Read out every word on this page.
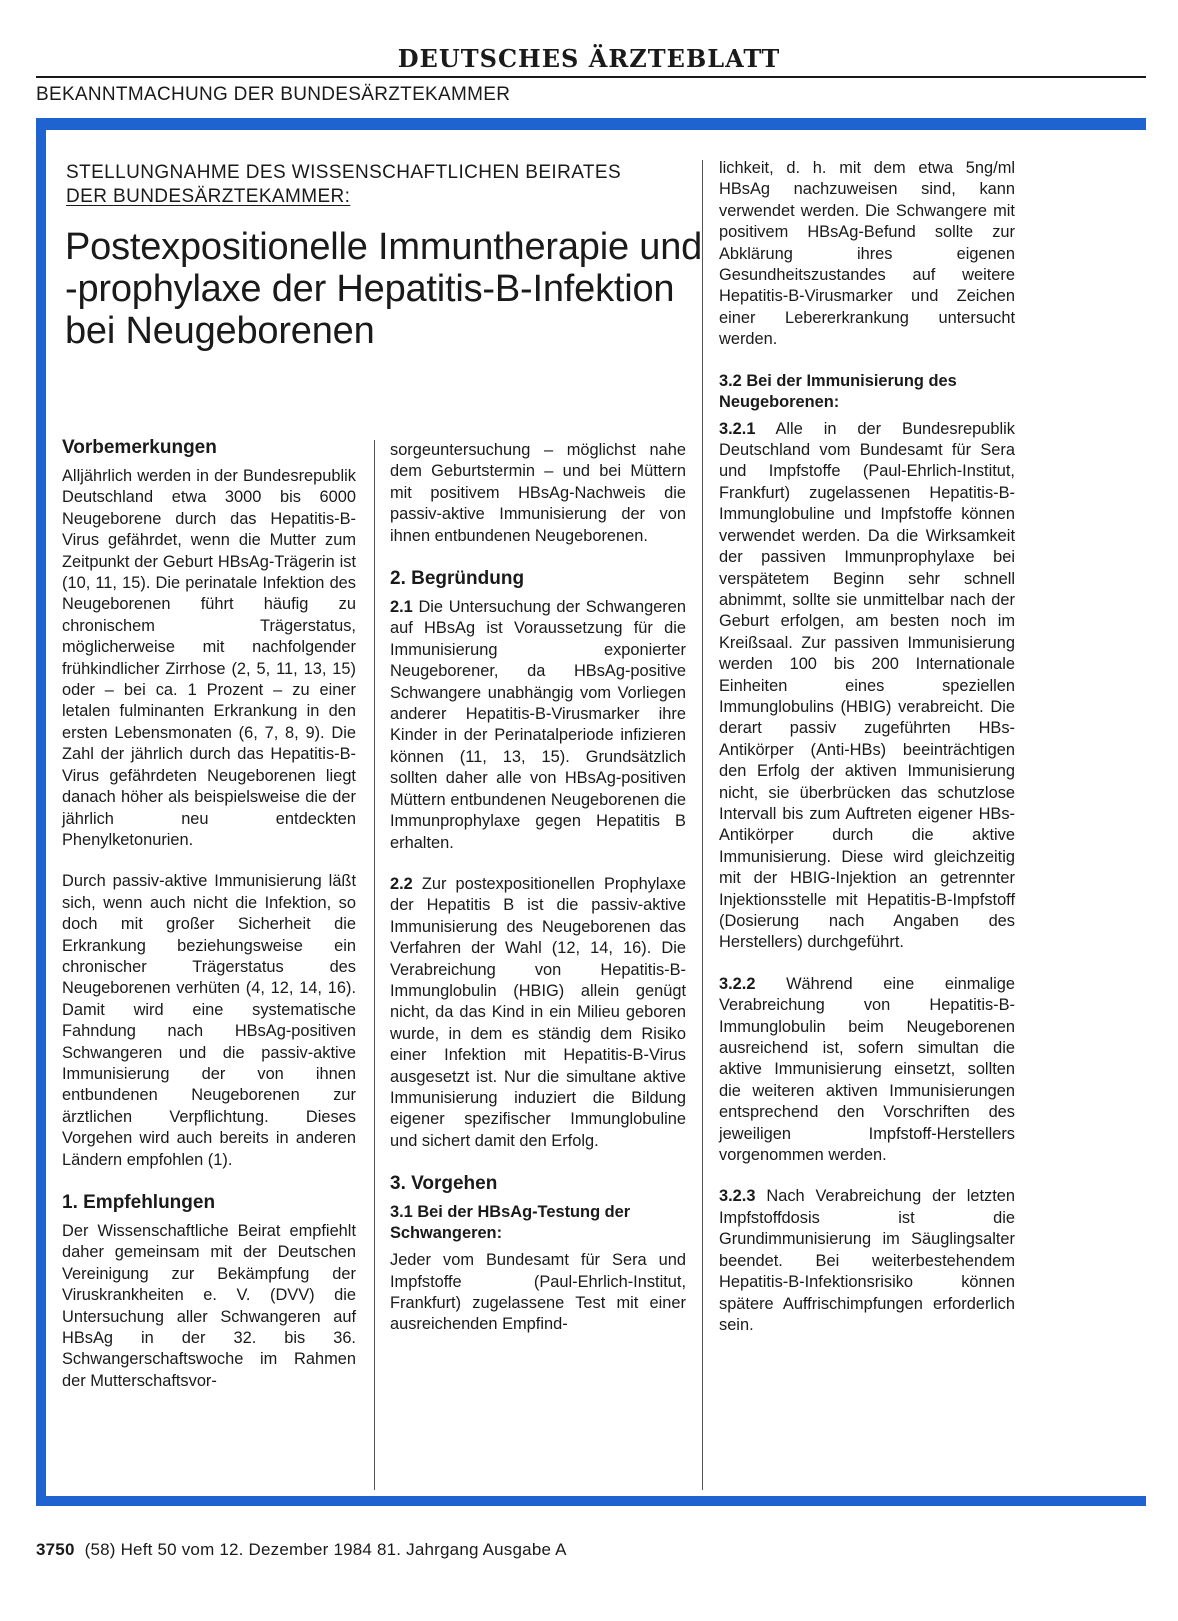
DEUTSCHES ÄRZTEBLATT
BEKANNTMACHUNG DER BUNDESÄRZTEKAMMER
STELLUNGNAHME DES WISSENSCHAFTLICHEN BEIRATES
DER BUNDESÄRZTEKAMMER:
Postexpositionelle Immuntherapie und -prophylaxe der Hepatitis-B-Infektion bei Neugeborenen
Vorbemerkungen

Alljährlich werden in der Bundesrepublik Deutschland etwa 3000 bis 6000 Neugeborene durch das Hepatitis-B-Virus gefährdet, wenn die Mutter zum Zeitpunkt der Geburt HBsAg-Trägerin ist (10, 11, 15). Die perinatale Infektion des Neugeborenen führt häufig zu chronischem Trägerstatus, möglicherweise mit nachfolgender frühkindlicher Zirrhose (2, 5, 11, 13, 15) oder – bei ca. 1 Prozent – zu einer letalen fulminanten Erkrankung in den ersten Lebensmonaten (6, 7, 8, 9). Die Zahl der jährlich durch das Hepatitis-B-Virus gefährdeten Neugeborenen liegt danach höher als beispielsweise die der jährlich neu entdeckten Phenylketonurien.

Durch passiv-aktive Immunisierung läßt sich, wenn auch nicht die Infektion, so doch mit großer Sicherheit die Erkrankung beziehungsweise ein chronischer Trägerstatus des Neugeborenen verhüten (4, 12, 14, 16). Damit wird eine systematische Fahndung nach HBsAg-positiven Schwangeren und die passiv-aktive Immunisierung der von ihnen entbundenen Neugeborenen zur ärztlichen Verpflichtung. Dieses Vorgehen wird auch bereits in anderen Ländern empfohlen (1).

1. Empfehlungen

Der Wissenschaftliche Beirat empfiehlt daher gemeinsam mit der Deutschen Vereinigung zur Bekämpfung der Viruskrankheiten e. V. (DVV) die Untersuchung aller Schwangeren auf HBsAg in der 32. bis 36. Schwangerschaftswoche im Rahmen der Mutterschaftsvor-

sorgeuntersuchung – möglichst nahe dem Geburtstermin – und bei Müttern mit positivem HBsAg-Nachweis die passiv-aktive Immunisierung der von ihnen entbundenen Neugeborenen.

2. Begründung

2.1 Die Untersuchung der Schwangeren auf HBsAg ist Voraussetzung für die Immunisierung exponierter Neugeborener, da HBsAg-positive Schwangere unabhängig vom Vorliegen anderer Hepatitis-B-Virusmarker ihre Kinder in der Perinatalperiode infizieren können (11, 13, 15). Grundsätzlich sollten daher alle von HBsAg-positiven Müttern entbundenen Neugeborenen die Immunprophylaxe gegen Hepatitis B erhalten.

2.2 Zur postexpositionellen Prophylaxe der Hepatitis B ist die passiv-aktive Immunisierung des Neugeborenen das Verfahren der Wahl (12, 14, 16). Die Verabreichung von Hepatitis-B-Immunglobulin (HBIG) allein genügt nicht, da das Kind in ein Milieu geboren wurde, in dem es ständig dem Risiko einer Infektion mit Hepatitis-B-Virus ausgesetzt ist. Nur die simultane aktive Immunisierung induziert die Bildung eigener spezifischer Immunglobuline und sichert damit den Erfolg.

3. Vorgehen
3.1 Bei der HBsAg-Testung der Schwangeren:

Jeder vom Bundesamt für Sera und Impfstoffe (Paul-Ehrlich-Institut, Frankfurt) zugelassene Test mit einer ausreichenden Empfind-

lichkeit, d. h. mit dem etwa 5ng/ml HBsAg nachzuweisen sind, kann verwendet werden. Die Schwangere mit positivem HBsAg-Befund sollte zur Abklärung ihres eigenen Gesundheitszustandes auf weitere Hepatitis-B-Virusmarker und Zeichen einer Lebererkrankung untersucht werden.

3.2 Bei der Immunisierung des Neugeborenen:

3.2.1 Alle in der Bundesrepublik Deutschland vom Bundesamt für Sera und Impfstoffe (Paul-Ehrlich-Institut, Frankfurt) zugelassenen Hepatitis-B-Immunglobuline und Impfstoffe können verwendet werden. Da die Wirksamkeit der passiven Immunprophylaxe bei verspätetem Beginn sehr schnell abnimmt, sollte sie unmittelbar nach der Geburt erfolgen, am besten noch im Kreißsaal. Zur passiven Immunisierung werden 100 bis 200 Internationale Einheiten eines speziellen Immunglobulins (HBIG) verabreicht. Die derart passiv zugeführten HBs-Antikörper (Anti-HBs) beeinträchtigen den Erfolg der aktiven Immunisierung nicht, sie überbrücken das schutzlose Intervall bis zum Auftreten eigener HBs-Antikörper durch die aktive Immunisierung. Diese wird gleichzeitig mit der HBIG-Injektion an getrennter Injektionsstelle mit Hepatitis-B-Impfstoff (Dosierung nach Angaben des Herstellers) durchgeführt.

3.2.2 Während eine einmalige Verabreichung von Hepatitis-B-Immunglobulin beim Neugeborenen ausreichend ist, sofern simultan die aktive Immunisierung einsetzt, sollten die weiteren aktiven Immunisierungen entsprechend den Vorschriften des jeweiligen Impfstoff-Herstellers vorgenommen werden.

3.2.3 Nach Verabreichung der letzten Impfstoffdosis ist die Grundimmunisierung im Säuglingsalter beendet. Bei weiterbestehendem Hepatitis-B-Infektionsrisiko können spätere Auffrischimpfungen erforderlich sein.

3750 (58) Heft 50 vom 12. Dezember 1984 81. Jahrgang Ausgabe A
